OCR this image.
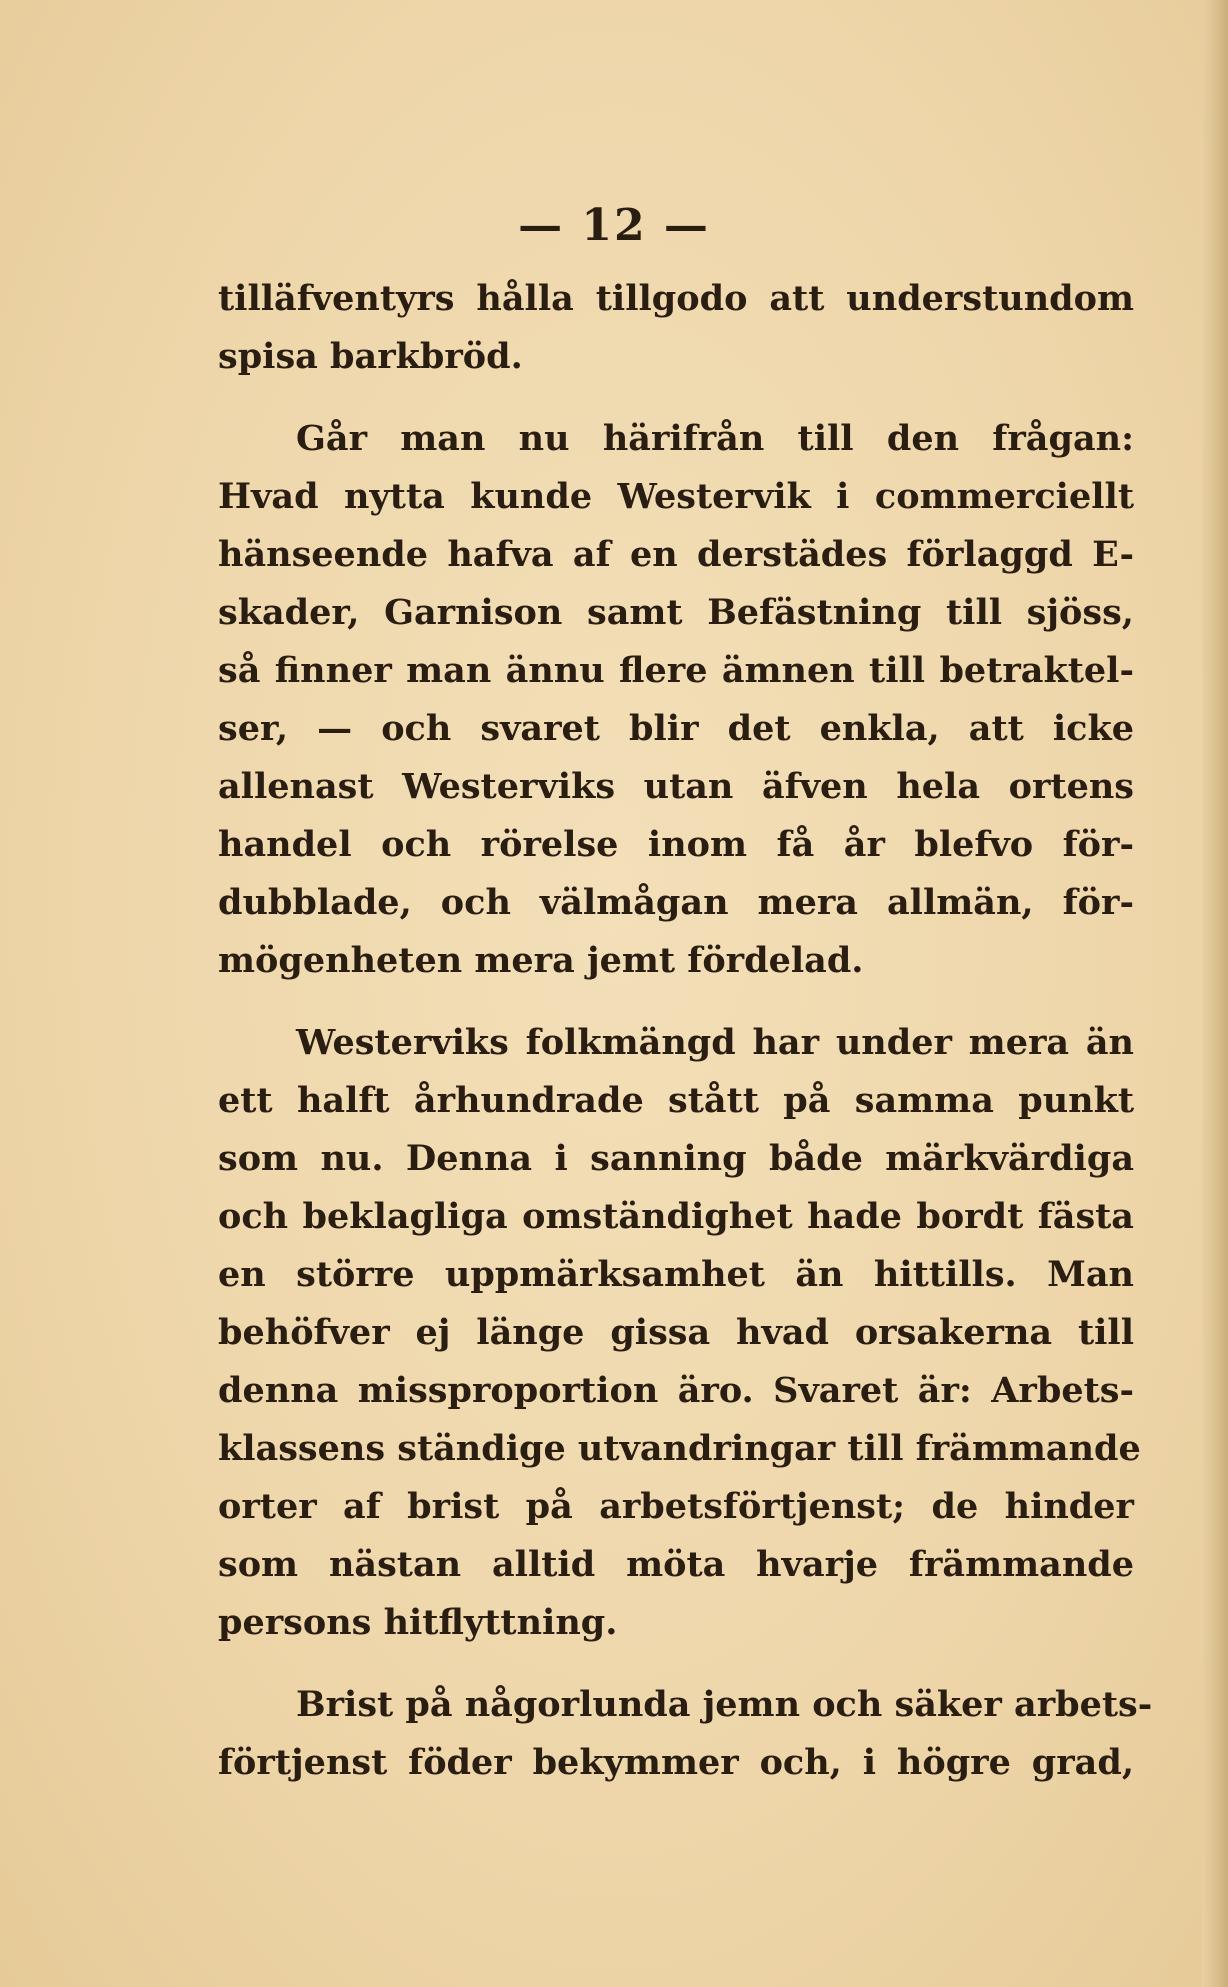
— 12 —
tilläfventyrs hålla tillgodo att understundom
spisa barkbröd.
Går man nu härifrån till den frågan:
Hvad nytta kunde Westervik i commerciellt
hänseende hafva af en derstädes förlaggd E-
skader, Garnison samt Befästning till sjöss,
så finner man ännu flere ämnen till betraktel-
ser, — och svaret blir det enkla, att icke
allenast Westerviks utan äfven hela ortens
handel och rörelse inom få år blefvo för-
dubblade, och välmågan mera allmän, för-
mögenheten mera jemt fördelad.
Westerviks folkmängd har under mera än
ett halft århundrade stått på samma punkt
som nu. Denna i sanning både märkvärdiga
och beklagliga omständighet hade bordt fästa
en större uppmärksamhet än hittills. Man
behöfver ej länge gissa hvad orsakerna till
denna missproportion äro. Svaret är: Arbets-
klassens ständige utvandringar till främmande
orter af brist på arbetsförtjenst; de hinder
som nästan alltid möta hvarje främmande
persons hitflyttning.
Brist på någorlunda jemn och säker arbets-
förtjenst föder bekymmer och, i högre grad,
